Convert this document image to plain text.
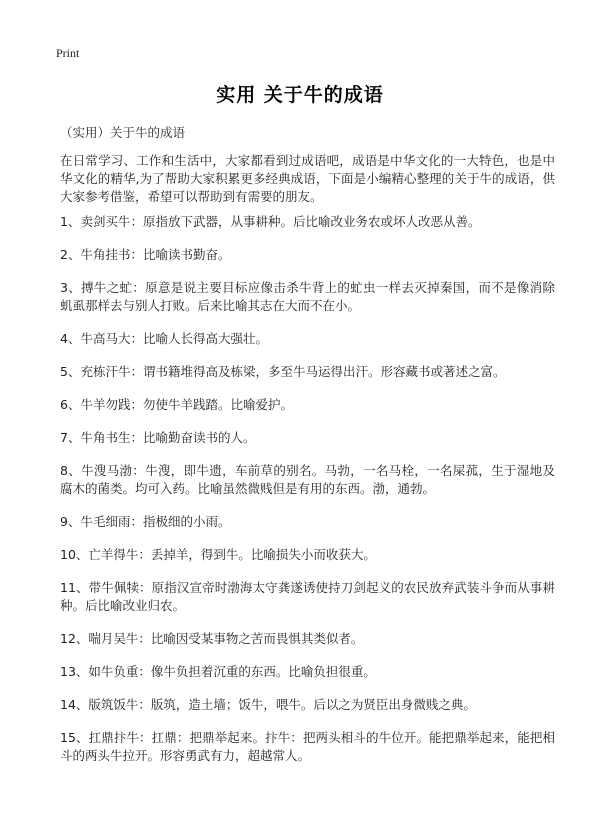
Print
实用 关于牛的成语
（实用）关于牛的成语
在日常学习、工作和生活中，大家都看到过成语吧，成语是中华文化的一大特色，也是中华文化的精华,为了帮助大家积累更多经典成语，下面是小编精心整理的关于牛的成语，供大家参考借鉴，希望可以帮助到有需要的朋友。
1、卖剑买牛：原指放下武器，从事耕种。后比喻改业务农或坏人改恶从善。
2、牛角挂书：比喻读书勤奋。
3、搏牛之虻：原意是说主要目标应像击杀牛背上的虻虫一样去灭掉秦国，而不是像消除虮虱那样去与别人打败。后来比喻其志在大而不在小。
4、牛高马大：比喻人长得高大强壮。
5、充栋汗牛：谓书籍堆得高及栋梁，多至牛马运得出汗。形容藏书或著述之富。
6、牛羊勿践：勿使牛羊践踏。比喻爱护。
7、牛角书生：比喻勤奋读书的人。
8、牛溲马渤：牛溲，即牛遗，车前草的别名。马勃，一名马栓，一名屎菰，生于湿地及腐木的菌类。均可入药。比喻虽然微贱但是有用的东西。渤，通勃。
9、牛毛细雨：指极细的小雨。
10、亡羊得牛：丢掉羊，得到牛。比喻损失小而收获大。
11、带牛佩犊：原指汉宣帝时渤海太守龚遂诱使持刀剑起义的农民放弃武装斗争而从事耕种。后比喻改业归农。
12、喘月吴牛：比喻因受某事物之苦而畏惧其类似者。
13、如牛负重：像牛负担着沉重的东西。比喻负担很重。
14、版筑饭牛：版筑，造土墙；饭牛，喂牛。后以之为贤臣出身微贱之典。
15、扛鼎抃牛：扛鼎：把鼎举起来。抃牛：把两头相斗的牛位开。能把鼎举起来，能把相斗的两头牛拉开。形容勇武有力，超越常人。
